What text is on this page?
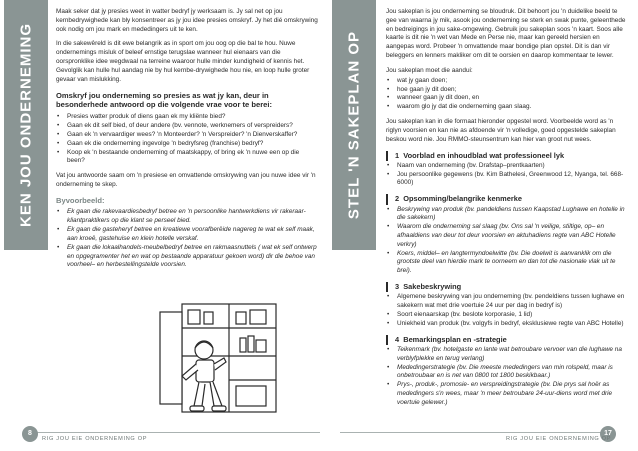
KEN JOU ONDERNEMING

Maak seker dat jy presies weet in watter bedryf jy werksaam is. Jy sal net op jou kernbedrywighede kan bly konsentreer as jy jou idee presies omskryf. Jy het dié omskrywing ook nodig om jou mark en mededingers uit te ken.

In die sakewêreld is dit ewe belangrik as in sport om jou oog op die bal te hou. Nuwe ondernemings misluk of beleef ernstige terugslae wanneer hul eienaars van die oorspronklike idee wegdwaal na terreine waaroor hulle minder kundigheid of kennis het. Gevolglik kan hulle hul aandag nie by hul kernbe-drywighede hou nie, en loop hulle groter gevaar van mislukking.

Omskryf jou onderneming so presies as wat jy kan, deur in besonderhede antwoord op die volgende vrae voor te berei:

• Presies watter produk of diens gaan ek my kliënte bied?
• Gaan ek dit self bied, of deur andere (bv. vennote, werknemers of verspreiders?
• Gaan ek 'n vervaardiger wees? 'n Monteerder? 'n Verspreider? 'n Dienverskaffer?
• Gaan ek die onderneming ingevolge 'n bedryfsreg (franchise) bedryf?
• Koop ek 'n bestaande onderneming of maatskappy, of bring ek 'n nuwe een op die been?

Vat jou antwoorde saam om 'n presiese en omvattende omskrywing van jou nuwe idee vir 'n onderneming te skep.

Byvoorbeeld:
• Ek gaan die rakevaardiesbedryf betree en 'n persoonlike hantwerkdiens vir rakeraar-kliantpraktikers op die klant se perseel bied.
• Ek gaan die gasteheryf betree en kreatiewe voorafberëide nagereg te wat ek self maak, aan kroeë, gastehuise en klein hotelle verskaf.
• Ek gaan die lokaalhandels-meubelbedryf betree en rakmaasnuttels ( wat ek self ontwerp en opgegramenter het en wat op bestaande apparatuur gekoen word) dir die behoe van voorheel– en herbestellingstelde voorsien.
8
RIG JOU EIE ONDERNEMING OP
STEL 'N SAKEPLAN OP

Jou sakeplan is jou onderneming se bloudruk. Dit behoort jou 'n duidelike beeld te gee van waarna jy mik, asook jou onderneming se sterk en swak punte, geleenthede en bedreigings in jou sake-omgewing. Gebruik jou sakeplan soos 'n kaart. Soos alle kaarte is dit nie 'n wet van Mede en Perse nie, maar kan gereeld hersien en aangepas word. Probeer 'n omvattende maar bondige plan opstel. Dit is dan vir beleggers en lenners makliker om dit te oorsien en daarop kommentaar te lewer.

Jou sakeplan moet die aandui:

• wat jy gaan doen;
• hoe gaan jy dit doen;
• wanneer gaan jy dit doen, en
• waarom glo jy dat die onderneming gaan slaag.

Jou sakeplan kan in die formaat hieronder opgestel word. Voorbeelde word as 'n riglyn voorsien en kan nie as afdoende vir 'n volledige, goed opgestelde sakeplan beskou word nie. Jou RMMO-steunsentrum kan hier van groot nut wees.

1 Voorblad en inhoudblad wat professioneel lyk
• Naam van onderneming (bv. Drafstap–prentkaarten)
• Jou persoonlike gegewens (bv. Kim Bathelesi, Greenwood 12, Nyanga, tel. 668-6000)
2 Opsomming/belangrike kenmerke
• Beskrywing van produk (bv. pandeldiens tussen Kaapstad Lughawe en hotelle in die sakekern)
• Waarom die onderneming sal slaag (bv. Ons sal 'n veilige, stiltige, op– en afhaaldiens van deur tot deur voorsien en aktuhadiens regte van ABC Hotelle verkry)
• Koers, middel– en langtermyndoelwitte (bv. Die doelwit is aanvanklik om die grootste deel van hierdie mark te oorneem en dan tot die nasionale vlak uit te brei).
3 Sakebeskrywing
• Algemene beskrywing van jou onderneming (bv. pendeldiens tussen lughawe en sakekern wat met drie voertuie 24 uur per dag in bedryf is)
• Soort eienaarskap (bv. beslote korporasie, 1 lid)
• Uniekheid van produk (bv. volgyfs in bedryf, eksklusiewe regte van ABC Hotelle)
4 Bemarkingsplan en -strategie
• Teikenmark (bv. hotelgaste en lante wat betroubare vervoer van die lughawe na verblyfplekke en terug verlang)
• Mededingerstrategie (bv. Die meeste mededingers van min rolspeld, maar is onbetroubaar en is net van 0800 tot 1800 beskikbaar.)
• Prys-, produk-, promosie- en verspreidingstrategie (bv. Die prys sal hoër as mededingers s'n wees, maar 'n meer betroubare 24-uur-diens word met drie voertuie gelewer.)
17
RIG JOU EIE ONDERNEMING OP
